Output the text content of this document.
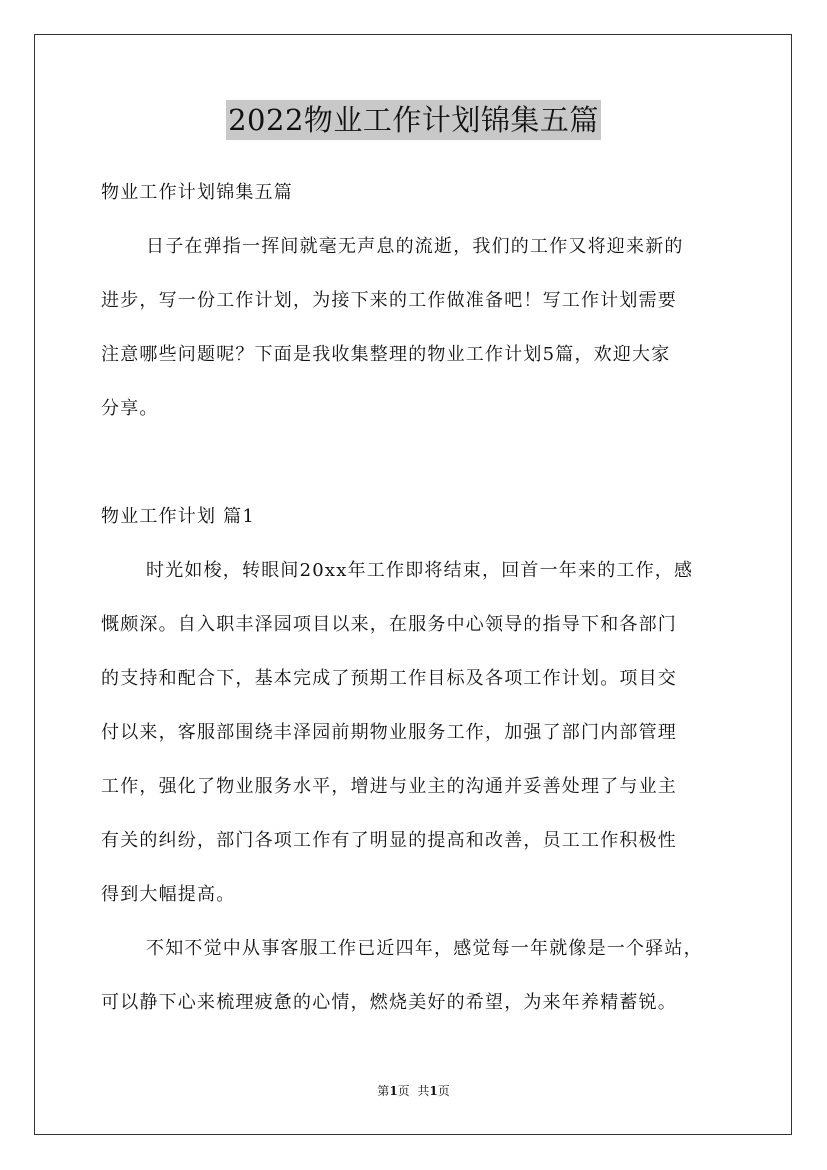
2022物业工作计划锦集五篇
物业工作计划锦集五篇
日子在弹指一挥间就毫无声息的流逝，我们的工作又将迎来新的
进步，写一份工作计划，为接下来的工作做准备吧！写工作计划需要
注意哪些问题呢？下面是我收集整理的物业工作计划5篇，欢迎大家
分享。
物业工作计划 篇1
时光如梭，转眼间20xx年工作即将结束，回首一年来的工作，感
慨颇深。自入职丰泽园项目以来，在服务中心领导的指导下和各部门
的支持和配合下，基本完成了预期工作目标及各项工作计划。项目交
付以来，客服部围绕丰泽园前期物业服务工作，加强了部门内部管理
工作，强化了物业服务水平，增进与业主的沟通并妥善处理了与业主
有关的纠纷，部门各项工作有了明显的提高和改善，员工工作积极性
得到大幅提高。
不知不觉中从事客服工作已近四年，感觉每一年就像是一个驿站，
可以静下心来梳理疲惫的心情，燃烧美好的希望，为来年养精蓄锐。
第1页  共1页
